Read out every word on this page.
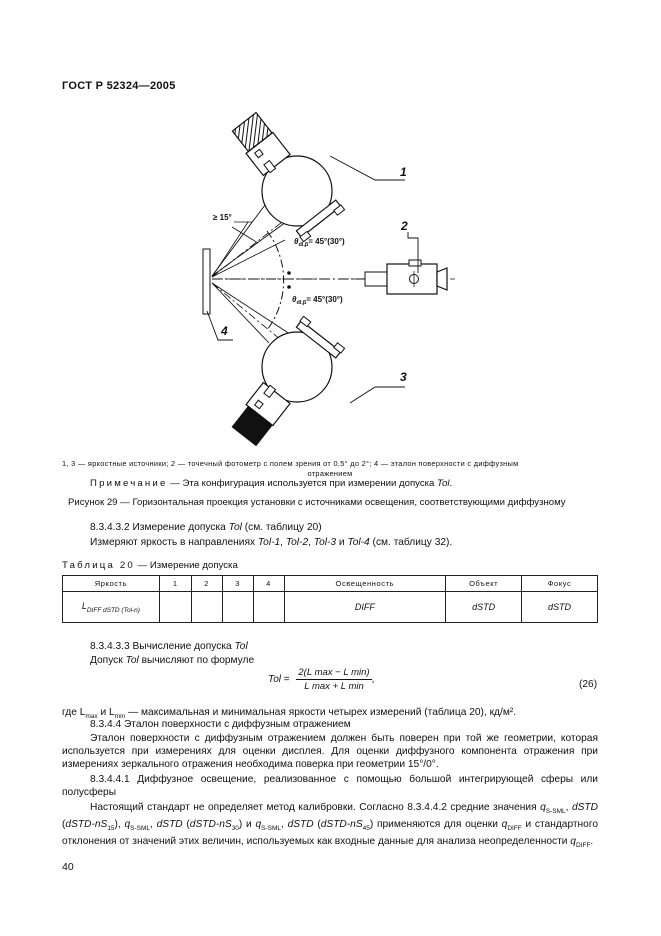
ГОСТ Р 52324—2005
1
2
3
4
≥ 15°
$\theta_{dl,\beta}= 45^\circ(30^\circ)$
$\theta_{dl,\beta}= 45^\circ(30^\circ)$
1, 3 — яркостные источники; 2 — точечный фотометр с полем зрения от 0,5° до 2°; 4 — эталон поверхности с диффузным
отражением
Примечание — Эта конфигурация используется при измерении допуска Tol.
Рисунок 29 — Горизонтальная проекция установки с источниками освещения, соответствующими диффузному
8.3.4.3.2 Измерение допуска Tol (см. таблицу 20)
Измеряют яркость в направлениях Tol-1, Tol-2, Tol-3 и Tol-4 (см. таблицу 32).
Таблица 20 — Измерение допуска
Яркость	1	2	3	4	Освещенность	Объект	Фокус
$L_{DIFF dSTD (Tol-n)}$					DIFF	dSTD	dSTD
8.3.4.3.3 Вычисление допуска Tol
Допуск Tol вычисляют по формуле
Tol = $\frac{\text{2(L max − L min)}}{\text{L max + L min}}$ ,	(26)
где $L_{max}$ и $L_{min}$ — максимальная и минимальная яркости четырех измерений (таблица 20), кд/м².
8.3.4.4 Эталон поверхности с диффузным отражением
Эталон поверхности с диффузным отражением должен быть поверен при той же геометрии, которая используется при измерениях для оценки дисплея. Для оценки диффузного компонента отражения при измерениях зеркального отражения необходима поверка при геометрии 15°/0°.
8.3.4.4.1 Диффузное освещение, реализованное с помощью большой интегрирующей сферы или полусферы
Настоящий стандарт не определяет метод калибровки. Согласно 8.3.4.4.2 средние значения $q_{S-SML}$, dSTD $(dSTD-nS_{15})$, $q_{S-SML}$, dSTD $(dSTD-nS_{30})$ и $q_{S-SML}$, dSTD $(dSTD-nS_{45})$ применяются для оценки $q_{DIFF}$ и стандартного отклонения от значений этих величин, используемых как входные данные для анализа неопределенности $q_{DIFF}$.
40
